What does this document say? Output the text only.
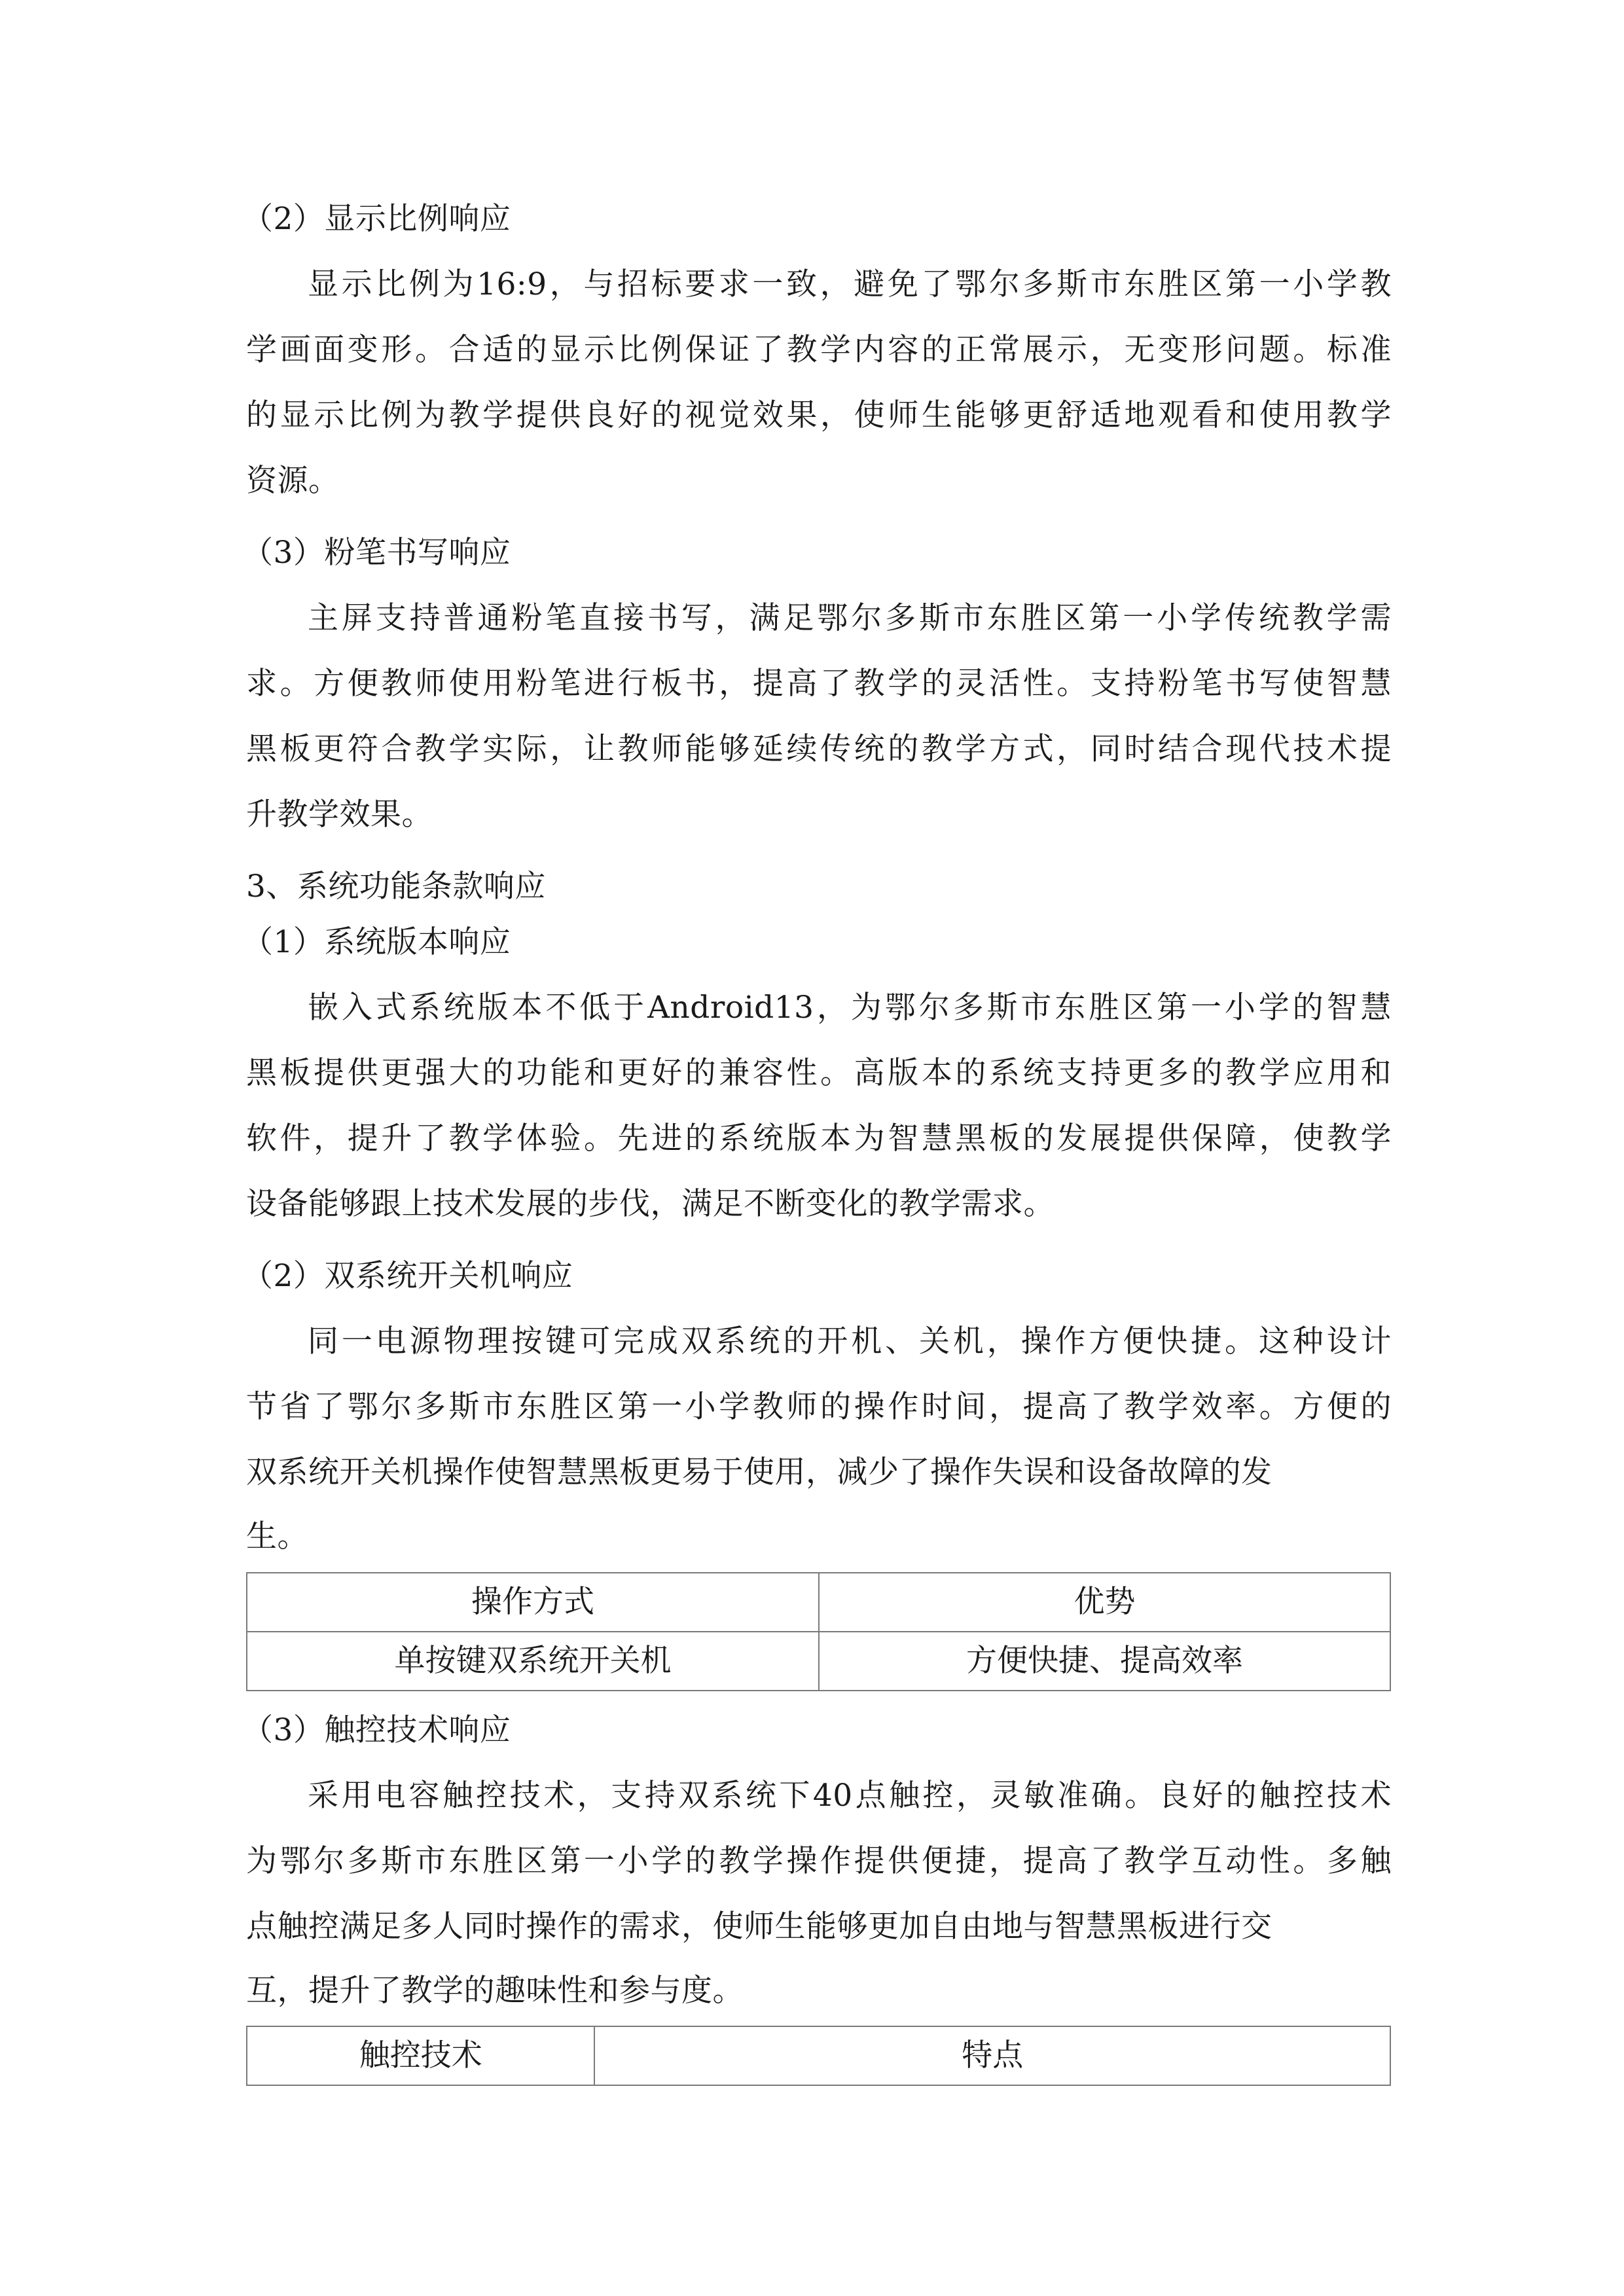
（2）显示比例响应
显示比例为16:9，与招标要求一致，避免了鄂尔多斯市东胜区第一小学教
学画面变形。合适的显示比例保证了教学内容的正常展示，无变形问题。标准
的显示比例为教学提供良好的视觉效果，使师生能够更舒适地观看和使用教学
资源。
（3）粉笔书写响应
主屏支持普通粉笔直接书写，满足鄂尔多斯市东胜区第一小学传统教学需
求。方便教师使用粉笔进行板书，提高了教学的灵活性。支持粉笔书写使智慧
黑板更符合教学实际，让教师能够延续传统的教学方式，同时结合现代技术提
升教学效果。
3、系统功能条款响应
（1）系统版本响应
嵌入式系统版本不低于Android13，为鄂尔多斯市东胜区第一小学的智慧
黑板提供更强大的功能和更好的兼容性。高版本的系统支持更多的教学应用和
软件，提升了教学体验。先进的系统版本为智慧黑板的发展提供保障，使教学
设备能够跟上技术发展的步伐，满足不断变化的教学需求。
（2）双系统开关机响应
同一电源物理按键可完成双系统的开机、关机，操作方便快捷。这种设计
节省了鄂尔多斯市东胜区第一小学教师的操作时间，提高了教学效率。方便的
双系统开关机操作使智慧黑板更易于使用，减少了操作失误和设备故障的发
生。
操作方式	优势
单按键双系统开关机	方便快捷、提高效率
（3）触控技术响应
采用电容触控技术，支持双系统下40点触控，灵敏准确。良好的触控技术
为鄂尔多斯市东胜区第一小学的教学操作提供便捷，提高了教学互动性。多触
点触控满足多人同时操作的需求，使师生能够更加自由地与智慧黑板进行交
互，提升了教学的趣味性和参与度。
触控技术	特点
